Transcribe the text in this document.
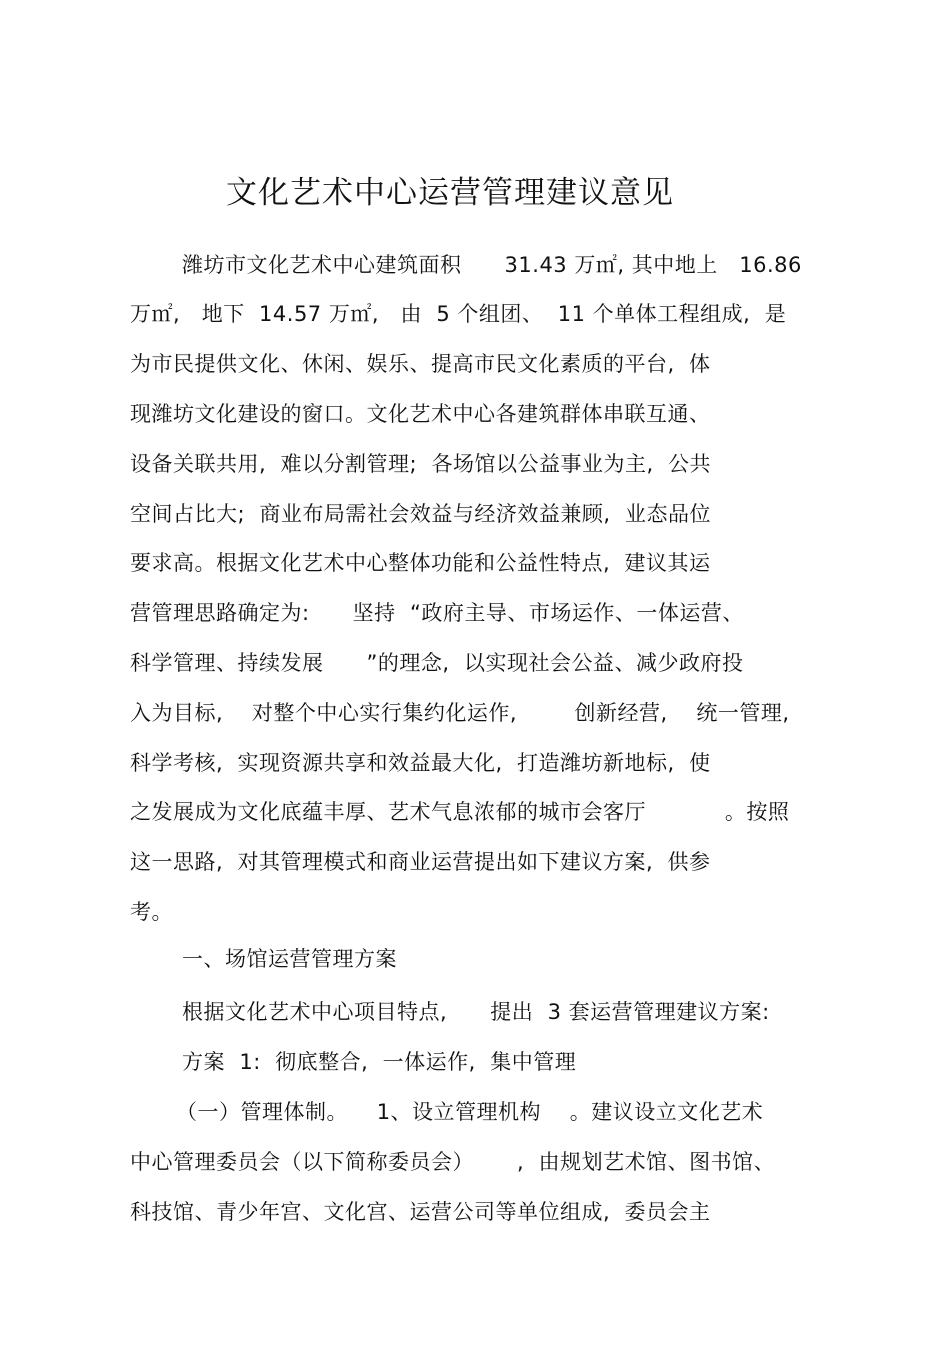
文化艺术中心运营管理建议意见
潍坊市文化艺术中心建筑面积      31.43 万㎡, 其中地上   16.86
万㎡,   地下  14.57 万㎡,   由  5 个组团、  11 个单体工程组成,  是
为市民提供文化、休闲、娱乐、提高市民文化素质的平台,  体
现潍坊文化建设的窗口。文化艺术中心各建筑群体串联互通、
设备关联共用,  难以分割管理;  各场馆以公益事业为主,  公共
空间占比大;  商业布局需社会效益与经济效益兼顾,  业态品位
要求高。根据文化艺术中心整体功能和公益性特点,  建议其运
营管理思路确定为:      坚持  “政府主导、市场运作、一体运营、
科学管理、持续发展      ”的理念,  以实现社会公益、减少政府投
入为目标,    对整个中心实行集约化运作,        创新经营,    统一管理,
科学考核,  实现资源共享和效益最大化,  打造潍坊新地标,  使
之发展成为文化底蕴丰厚、艺术气息浓郁的城市会客厅           。按照
这一思路,  对其管理模式和商业运营提出如下建议方案,  供参
考。
一、场馆运营管理方案
根据文化艺术中心项目特点,      提出  3 套运营管理建议方案:
方案  1:  彻底整合,  一体运作,  集中管理
（一）管理体制。    1、设立管理机构    。建议设立文化艺术
中心管理委员会（以下简称委员会）      ,  由规划艺术馆、图书馆、
科技馆、青少年宫、文化宫、运营公司等单位组成,  委员会主
